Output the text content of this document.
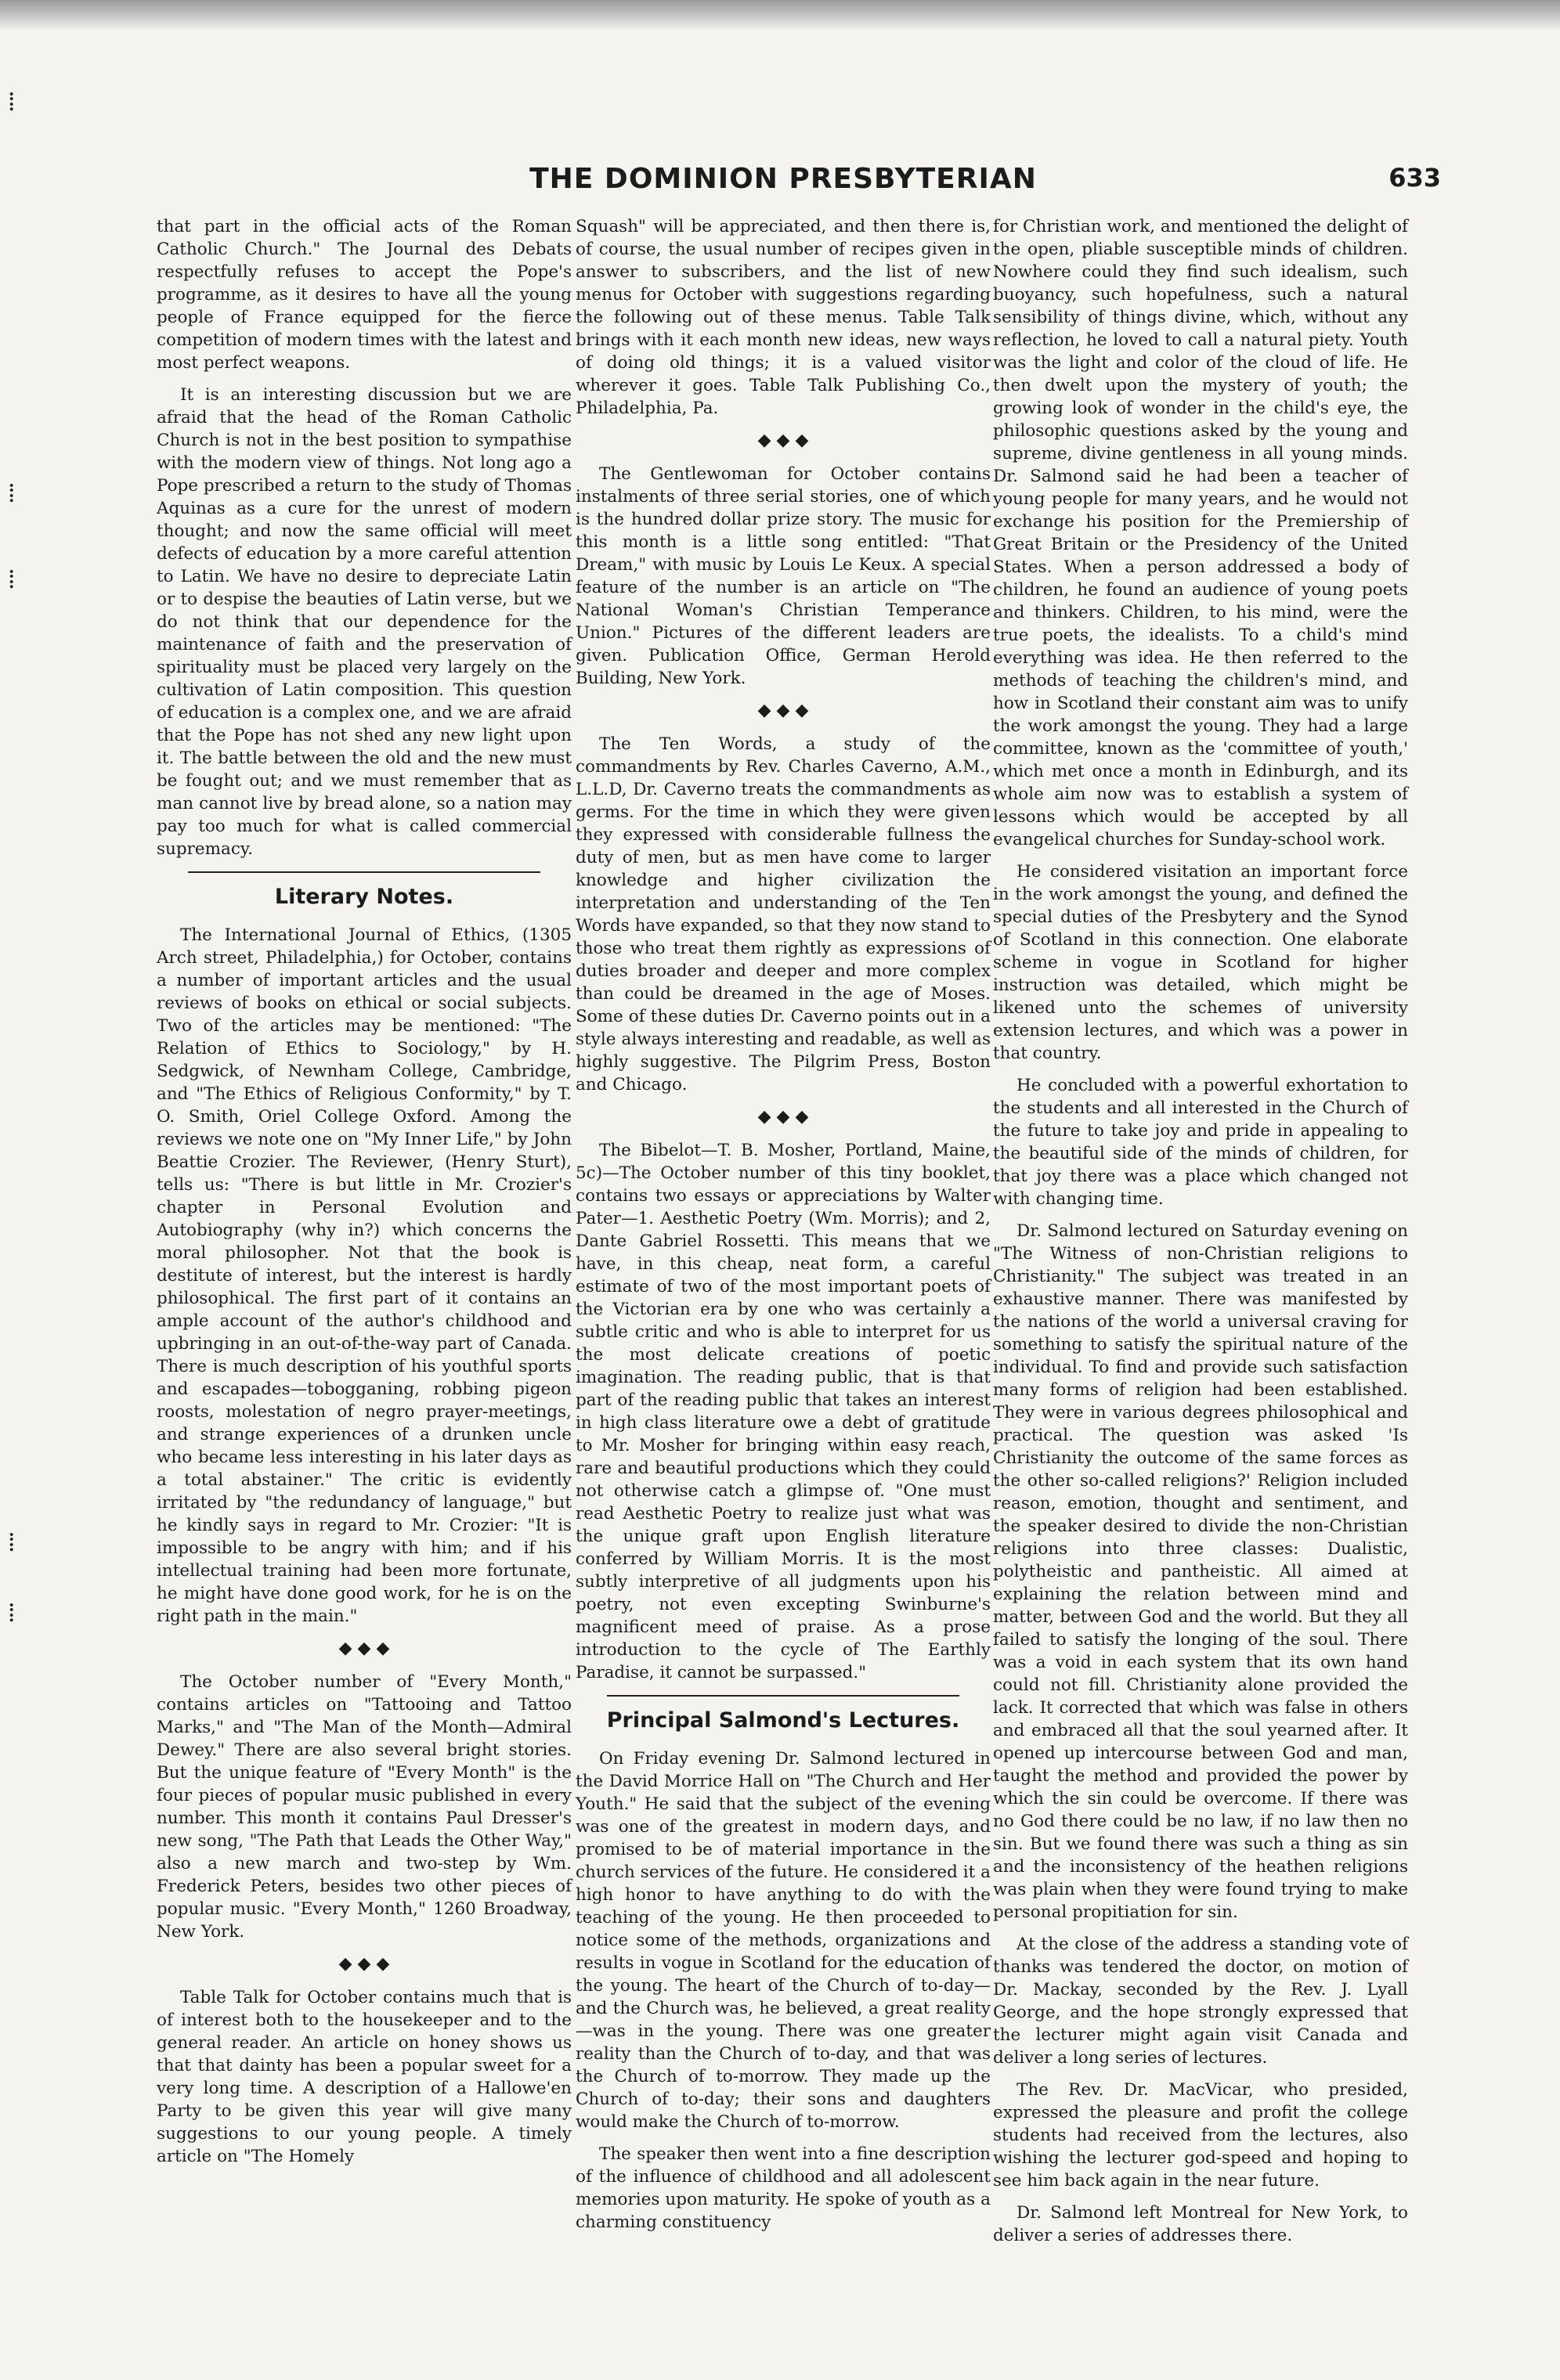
⁞
⁞
⁞
⁞
⁞
THE DOMINION PRESBYTERIAN	633

that part in the official acts of the Roman Catholic Church." The Journal des Debats respectfully refuses to accept the Pope's programme, as it desires to have all the young people of France equipped for the fierce competition of modern times with the latest and most perfect weapons.

It is an interesting discussion but we are afraid that the head of the Roman Catholic Church is not in the best position to sympathise with the modern view of things. Not long ago a Pope prescribed a return to the study of Thomas Aquinas as a cure for the unrest of modern thought; and now the same official will meet defects of education by a more careful attention to Latin. We have no desire to depreciate Latin or to despise the beauties of Latin verse, but we do not think that our dependence for the maintenance of faith and the preservation of spirituality must be placed very largely on the cultivation of Latin composition. This question of education is a complex one, and we are afraid that the Pope has not shed any new light upon it. The battle between the old and the new must be fought out; and we must remember that as man cannot live by bread alone, so a nation may pay too much for what is called commercial supremacy.

Literary Notes.

The International Journal of Ethics, (1305 Arch street, Philadelphia,) for October, contains a number of important articles and the usual reviews of books on ethical or social subjects. Two of the articles may be mentioned: "The Relation of Ethics to Sociology," by H. Sedgwick, of Newnham College, Cambridge, and "The Ethics of Religious Conformity," by T. O. Smith, Oriel College Oxford. Among the reviews we note one on "My Inner Life," by John Beattie Crozier. The Reviewer, (Henry Sturt), tells us: "There is but little in Mr. Crozier's chapter in Personal Evolution and Autobiography (why in?) which concerns the moral philosopher. Not that the book is destitute of interest, but the interest is hardly philosophical. The first part of it contains an ample account of the author's childhood and upbringing in an out-of-the-way part of Canada. There is much description of his youthful sports and escapades—tobogganing, robbing pigeon roosts, molestation of negro prayer-meetings, and strange experiences of a drunken uncle who became less interesting in his later days as a total abstainer." The critic is evidently irritated by "the redundancy of language," but he kindly says in regard to Mr. Crozier: "It is impossible to be angry with him; and if his intellectual training had been more fortunate, he might have done good work, for he is on the right path in the main."

◆ ◆ ◆

The October number of "Every Month," contains articles on "Tattooing and Tattoo Marks," and "The Man of the Month—Admiral Dewey." There are also several bright stories. But the unique feature of "Every Month" is the four pieces of popular music published in every number. This month it contains Paul Dresser's new song, "The Path that Leads the Other Way," also a new march and two-step by Wm. Frederick Peters, besides two other pieces of popular music. "Every Month," 1260 Broadway, New York.

◆ ◆ ◆

Table Talk for October contains much that is of interest both to the housekeeper and to the general reader. An article on honey shows us that that dainty has been a popular sweet for a very long time. A description of a Hallowe'en Party to be given this year will give many suggestions to our young people. A timely article on "The Homely

Squash" will be appreciated, and then there is, of course, the usual number of recipes given in answer to subscribers, and the list of new menus for October with suggestions regarding the following out of these menus. Table Talk brings with it each month new ideas, new ways of doing old things; it is a valued visitor wherever it goes. Table Talk Publishing Co., Philadelphia, Pa.

◆ ◆ ◆

The Gentlewoman for October contains instalments of three serial stories, one of which is the hundred dollar prize story. The music for this month is a little song entitled: "That Dream," with music by Louis Le Keux. A special feature of the number is an article on "The National Woman's Christian Temperance Union." Pictures of the different leaders are given. Publication Office, German Herold Building, New York.

◆ ◆ ◆

The Ten Words, a study of the commandments by Rev. Charles Caverno, A.M., L.L.D, Dr. Caverno treats the commandments as germs. For the time in which they were given they expressed with considerable fullness the duty of men, but as men have come to larger knowledge and higher civilization the interpretation and understanding of the Ten Words have expanded, so that they now stand to those who treat them rightly as expressions of duties broader and deeper and more complex than could be dreamed in the age of Moses. Some of these duties Dr. Caverno points out in a style always interesting and readable, as well as highly suggestive. The Pilgrim Press, Boston and Chicago.

◆ ◆ ◆

The Bibelot—T. B. Mosher, Portland, Maine, 5c)—The October number of this tiny booklet, contains two essays or appreciations by Walter Pater—1. Aesthetic Poetry (Wm. Morris); and 2, Dante Gabriel Rossetti. This means that we have, in this cheap, neat form, a careful estimate of two of the most important poets of the Victorian era by one who was certainly a subtle critic and who is able to interpret for us the most delicate creations of poetic imagination. The reading public, that is that part of the reading public that takes an interest in high class literature owe a debt of gratitude to Mr. Mosher for bringing within easy reach, rare and beautiful productions which they could not otherwise catch a glimpse of. "One must read Aesthetic Poetry to realize just what was the unique graft upon English literature conferred by William Morris. It is the most subtly interpretive of all judgments upon his poetry, not even excepting Swinburne's magnificent meed of praise. As a prose introduction to the cycle of The Earthly Paradise, it cannot be surpassed."

Principal Salmond's Lectures.

On Friday evening Dr. Salmond lectured in the David Morrice Hall on "The Church and Her Youth." He said that the subject of the evening was one of the greatest in modern days, and promised to be of material importance in the church services of the future. He considered it a high honor to have anything to do with the teaching of the young. He then proceeded to notice some of the methods, organizations and results in vogue in Scotland for the education of the young. The heart of the Church of to-day—and the Church was, he believed, a great reality—was in the young. There was one greater reality than the Church of to-day, and that was the Church of to-morrow. They made up the Church of to-day; their sons and daughters would make the Church of to-morrow.

The speaker then went into a fine description of the influence of childhood and all adolescent memories upon maturity. He spoke of youth as a charming constituency

for Christian work, and mentioned the delight of the open, pliable susceptible minds of children. Nowhere could they find such idealism, such buoyancy, such hopefulness, such a natural sensibility of things divine, which, without any reflection, he loved to call a natural piety. Youth was the light and color of the cloud of life. He then dwelt upon the mystery of youth; the growing look of wonder in the child's eye, the philosophic questions asked by the young and supreme, divine gentleness in all young minds. Dr. Salmond said he had been a teacher of young people for many years, and he would not exchange his position for the Premiership of Great Britain or the Presidency of the United States. When a person addressed a body of children, he found an audience of young poets and thinkers. Children, to his mind, were the true poets, the idealists. To a child's mind everything was idea. He then referred to the methods of teaching the children's mind, and how in Scotland their constant aim was to unify the work amongst the young. They had a large committee, known as the 'committee of youth,' which met once a month in Edinburgh, and its whole aim now was to establish a system of lessons which would be accepted by all evangelical churches for Sunday-school work.

He considered visitation an important force in the work amongst the young, and defined the special duties of the Presbytery and the Synod of Scotland in this connection. One elaborate scheme in vogue in Scotland for higher instruction was detailed, which might be likened unto the schemes of university extension lectures, and which was a power in that country.

He concluded with a powerful exhortation to the students and all interested in the Church of the future to take joy and pride in appealing to the beautiful side of the minds of children, for that joy there was a place which changed not with changing time.

Dr. Salmond lectured on Saturday evening on "The Witness of non-Christian religions to Christianity." The subject was treated in an exhaustive manner. There was manifested by the nations of the world a universal craving for something to satisfy the spiritual nature of the individual. To find and provide such satisfaction many forms of religion had been established. They were in various degrees philosophical and practical. The question was asked 'Is Christianity the outcome of the same forces as the other so-called religions?' Religion included reason, emotion, thought and sentiment, and the speaker desired to divide the non-Christian religions into three classes: Dualistic, polytheistic and pantheistic. All aimed at explaining the relation between mind and matter, between God and the world. But they all failed to satisfy the longing of the soul. There was a void in each system that its own hand could not fill. Christianity alone provided the lack. It corrected that which was false in others and embraced all that the soul yearned after. It opened up intercourse between God and man, taught the method and provided the power by which the sin could be overcome. If there was no God there could be no law, if no law then no sin. But we found there was such a thing as sin and the inconsistency of the heathen religions was plain when they were found trying to make personal propitiation for sin.

At the close of the address a standing vote of thanks was tendered the doctor, on motion of Dr. Mackay, seconded by the Rev. J. Lyall George, and the hope strongly expressed that the lecturer might again visit Canada and deliver a long series of lectures.

The Rev. Dr. MacVicar, who presided, expressed the pleasure and profit the college students had received from the lectures, also wishing the lecturer god-speed and hoping to see him back again in the near future.

Dr. Salmond left Montreal for New York, to deliver a series of addresses there.
